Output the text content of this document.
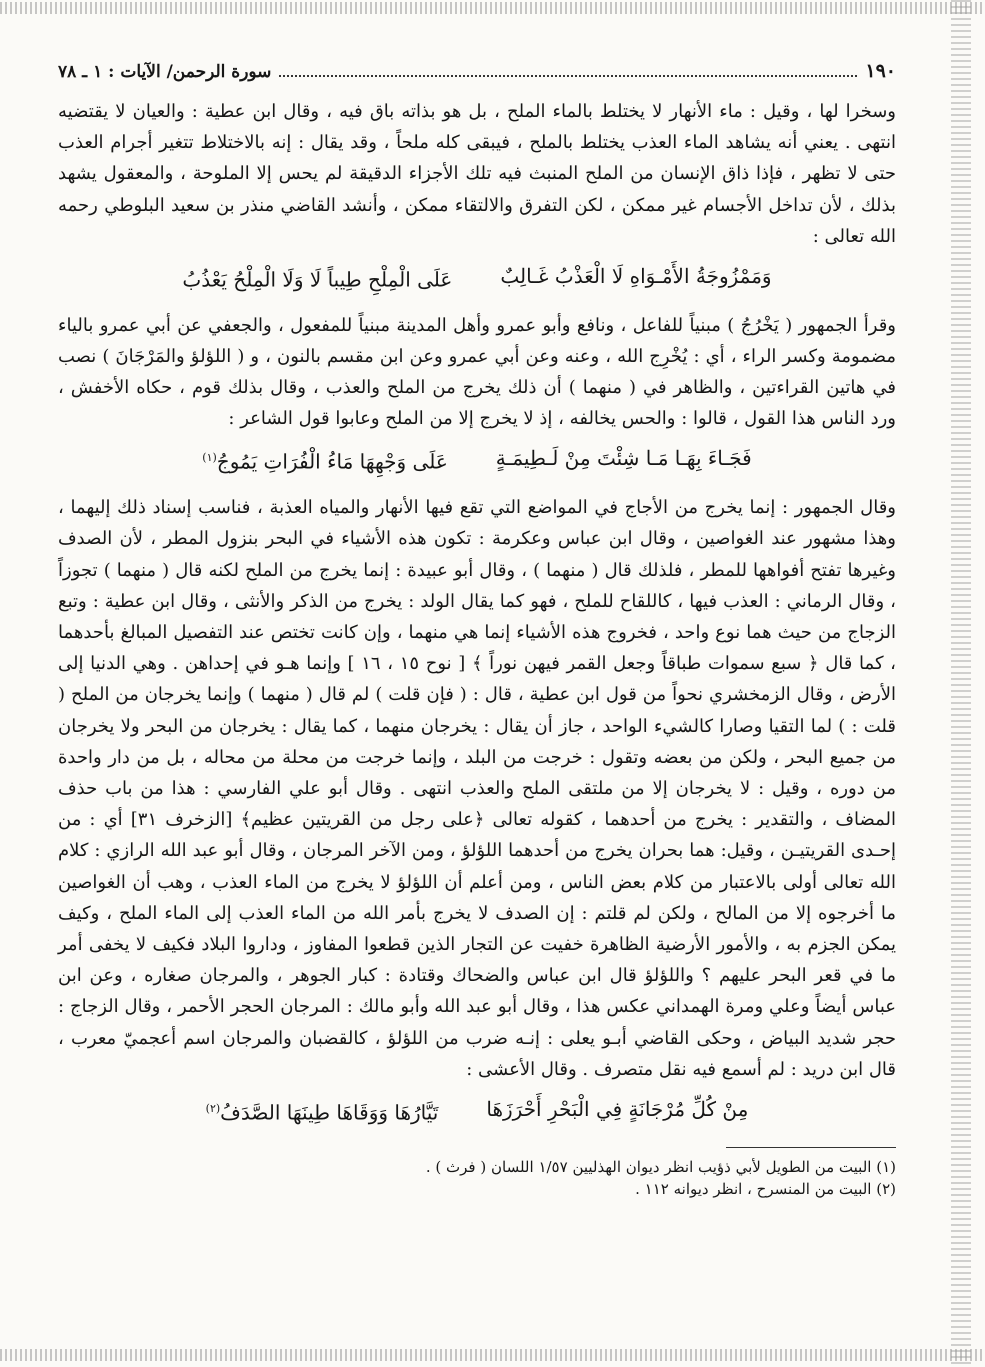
١٩٠
سورة الرحمن/ الآيات : ١ ـ ٧٨

وسخرا لها ، وقيل : ماء الأنهار لا يختلط بالماء الملح ، بل هو بذاته باق فيه ، وقال ابن عطية : والعيان لا يقتضيه انتهى . يعني أنه يشاهد الماء العذب يختلط بالملح ، فيبقى كله ملحاً ، وقد يقال : إنه بالاختلاط تتغير أجرام العذب حتى لا تظهر ، فإذا ذاق الإنسان من الملح المنبث فيه تلك الأجزاء الدقيقة لم يحس إلا الملوحة ، والمعقول يشهد بذلك ، لأن تداخل الأجسام غير ممكن ، لكن التفرق والالتقاء ممكن ، وأنشد القاضي منذر بن سعيد البلوطي رحمه الله تعالى :

وَمَمْزُوجَةُ الأَمْـوَاهِ لَا الْعَذْبُ غَـالِبٌ
عَلَى الْمِلْحِ طِيباً لَا وَلَا الْمِلْحُ يَعْذُبُ

وقرأ الجمهور ( يَخْرُجُ ) مبنياً للفاعل ، ونافع وأبو عمرو وأهل المدينة مبنياً للمفعول ، والجعفي عن أبي عمرو بالياء مضمومة وكسر الراء ، أي : يُخْرِج الله ، وعنه وعن أبي عمرو وعن ابن مقسم بالنون ، و ( اللؤلؤ والمَرْجَانَ ) نصب في هاتين القراءتين ، والظاهر في ( منهما ) أن ذلك يخرج من الملح والعذب ، وقال بذلك قوم ، حكاه الأخفش ، ورد الناس هذا القول ، قالوا : والحس يخالفه ، إذ لا يخرج إلا من الملح وعابوا قول الشاعر :

فَجَـاءَ بِهَـا مَـا شِئْتَ مِنْ لَـطِيمَـةٍ
عَلَى وَجْهِهَا مَاءُ الْفُرَاتِ يَمُوجُ$^{(١)}$

وقال الجمهور : إنما يخرج من الأجاج في المواضع التي تقع فيها الأنهار والمياه العذبة ، فناسب إسناد ذلك إليهما ، وهذا مشهور عند الغواصين ، وقال ابن عباس وعكرمة : تكون هذه الأشياء في البحر بنزول المطر ، لأن الصدف وغيرها تفتح أفواهها للمطر ، فلذلك قال ( منهما ) ، وقال أبو عبيدة : إنما يخرج من الملح لكنه قال ( منهما ) تجوزاً ، وقال الرماني : العذب فيها ، كاللقاح للملح ، فهو كما يقال الولد : يخرج من الذكر والأنثى ، وقال ابن عطية : وتبع الزجاج من حيث هما نوع واحد ، فخروج هذه الأشياء إنما هي منهما ، وإن كانت تختص عند التفصيل المبالغ بأحدهما ، كما قال ﴿ سبع سموات طباقاً وجعل القمر فيهن نوراً ﴾ [ نوح ١٥ ، ١٦ ] وإنما هـو في إحداهن . وهي الدنيا إلى الأرض ، وقال الزمخشري نحواً من قول ابن عطية ، قال : ( فإن قلت ) لم قال ( منهما ) وإنما يخرجان من الملح ( قلت : ) لما التقيا وصارا كالشيء الواحد ، جاز أن يقال : يخرجان منهما ، كما يقال : يخرجان من البحر ولا يخرجان من جميع البحر ، ولكن من بعضه وتقول : خرجت من البلد ، وإنما خرجت من محلة من محاله ، بل من دار واحدة من دوره ، وقيل : لا يخرجان إلا من ملتقى الملح والعذب انتهى . وقال أبو علي الفارسي : هذا من باب حذف المضاف ، والتقدير : يخرج من أحدهما ، كقوله تعالى ﴿على رجل من القريتين عظيم﴾ [الزخرف ٣١] أي : من إحـدى القريتيـن ، وقيل: هما بحران يخرج من أحدهما اللؤلؤ ، ومن الآخر المرجان ، وقال أبو عبد الله الرازي : كلام الله تعالى أولى بالاعتبار من كلام بعض الناس ، ومن أعلم أن اللؤلؤ لا يخرج من الماء العذب ، وهب أن الغواصين ما أخرجوه إلا من المالح ، ولكن لم قلتم : إن الصدف لا يخرج بأمر الله من الماء العذب إلى الماء الملح ، وكيف يمكن الجزم به ، والأمور الأرضية الظاهرة خفيت عن التجار الذين قطعوا المفاوز ، وداروا البلاد فكيف لا يخفى أمر ما في قعر البحر عليهم ؟ واللؤلؤ قال ابن عباس والضحاك وقتادة : كبار الجوهر ، والمرجان صغاره ، وعن ابن عباس أيضاً وعلي ومرة الهمداني عكس هذا ، وقال أبو عبد الله وأبو مالك : المرجان الحجر الأحمر ، وقال الزجاج : حجر شديد البياض ، وحكى القاضي أبـو يعلى : إنـه ضرب من اللؤلؤ ، كالقضبان والمرجان اسم أعجميّ معرب ، قال ابن دريد : لم أسمع فيه نقل متصرف . وقال الأعشى :

مِنْ كُلِّ مُرْجَانَةٍ فِي الْبَحْرِ أَحْرَزَهَا
تَيَّارُهَا وَوَقَاهَا طِينَهَا الصَّدَفُ$^{(٢)}$

(١) البيت من الطويل لأبي ذؤيب انظر ديوان الهذليين ١/٥٧ اللسان ( فرث ) .

(٢) البيت من المنسرح ، انظر ديوانه ١١٢ .
